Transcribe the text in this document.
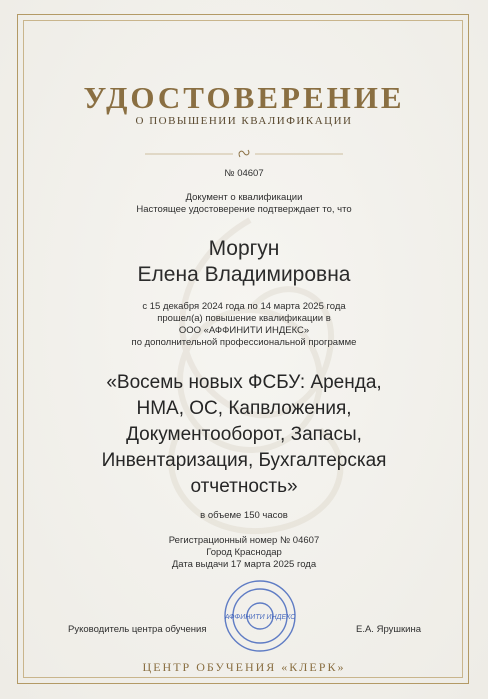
УДОСТОВЕРЕНИЕ
О ПОВЫШЕНИИ КВАЛИФИКАЦИИ
№ 04607
Документ о квалификации
Настоящее удостоверение подтверждает то, что
Моргун
Елена Владимировна
с 15 декабря 2024 года по 14 марта 2025 года
прошел(а) повышение квалификации в
ООО «АФФИНИТИ ИНДЕКС»
по дополнительной профессиональной программе
«Восемь новых ФСБУ: Аренда,
НМА, ОС, Капвложения,
Документооборот, Запасы,
Инвентаризация, Бухгалтерская
отчетность»
в объеме 150 часов
Регистрационный номер № 04607
Город Краснодар
Дата выдачи 17 марта 2025 года
АФФИНИТИ ИНДЕКС
Руководитель центра обучения	Е.А. Ярушкина
ЦЕНТР ОБУЧЕНИЯ «КЛЕРК»
